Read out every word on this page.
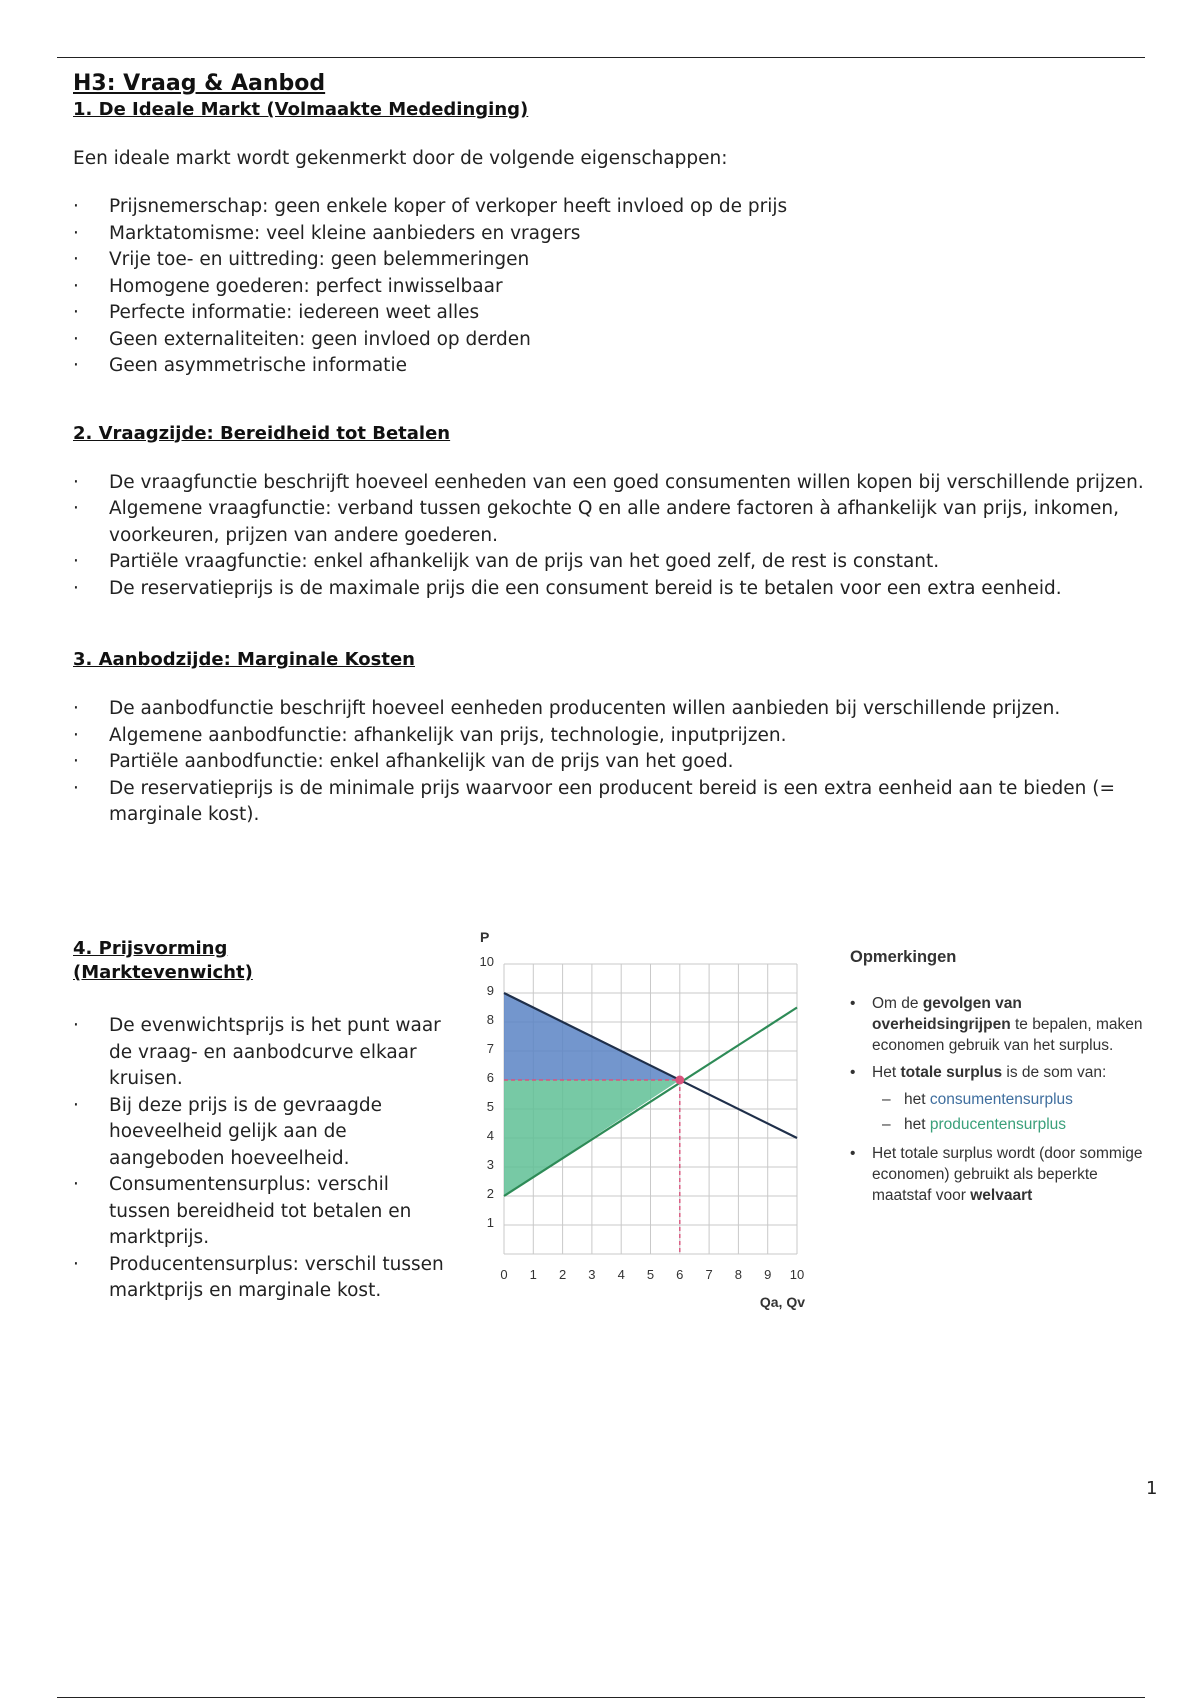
H3: Vraag & Aanbod
1. De Ideale Markt (Volmaakte Mededinging)

Een ideale markt wordt gekenmerkt door de volgende eigenschappen:

· Prijsnemerschap: geen enkele koper of verkoper heeft invloed op de prijs
· Marktatomisme: veel kleine aanbieders en vragers
· Vrije toe- en uittreding: geen belemmeringen
· Homogene goederen: perfect inwisselbaar
· Perfecte informatie: iedereen weet alles
· Geen externaliteiten: geen invloed op derden
· Geen asymmetrische informatie
2. Vraagzijde: Bereidheid tot Betalen
· De vraagfunctie beschrijft hoeveel eenheden van een goed consumenten willen kopen bij verschillende prijzen.
· Algemene vraagfunctie: verband tussen gekochte Q en alle andere factoren à afhankelijk van prijs, inkomen, voorkeuren, prijzen van andere goederen.
· Partiële vraagfunctie: enkel afhankelijk van de prijs van het goed zelf, de rest is constant.
· De reservatieprijs is de maximale prijs die een consument bereid is te betalen voor een extra eenheid.
3. Aanbodzijde: Marginale Kosten
· De aanbodfunctie beschrijft hoeveel eenheden producenten willen aanbieden bij verschillende prijzen.
· Algemene aanbodfunctie: afhankelijk van prijs, technologie, inputprijzen.
· Partiële aanbodfunctie: enkel afhankelijk van de prijs van het goed.
· De reservatieprijs is de minimale prijs waarvoor een producent bereid is een extra eenheid aan te bieden (= marginale kost).
4. Prijsvorming
(Marktevenwicht)
· De evenwichtsprijs is het punt waar de vraag- en aanbodcurve elkaar kruisen.
· Bij deze prijs is de gevraagde hoeveelheid gelijk aan de aangeboden hoeveelheid.
· Consumentensurplus: verschil tussen bereidheid tot betalen en marktprijs.
· Producentensurplus: verschil tussen marktprijs en marginale kost.
0 1 2 3 4 5 6 7 8 9 10
1
2
3
4
5
6
7
8
9
10
P
Qa, Qv

Opmerkingen

• Om de gevolgen van overheidsingrijpen te bepalen, maken economen gebruik van het surplus.
• Het totale surplus is de som van:
– het consumentensurplus
– het producentensurplus
• Het totale surplus wordt (door sommige economen) gebruikt als beperkte maatstaf voor welvaart
1
